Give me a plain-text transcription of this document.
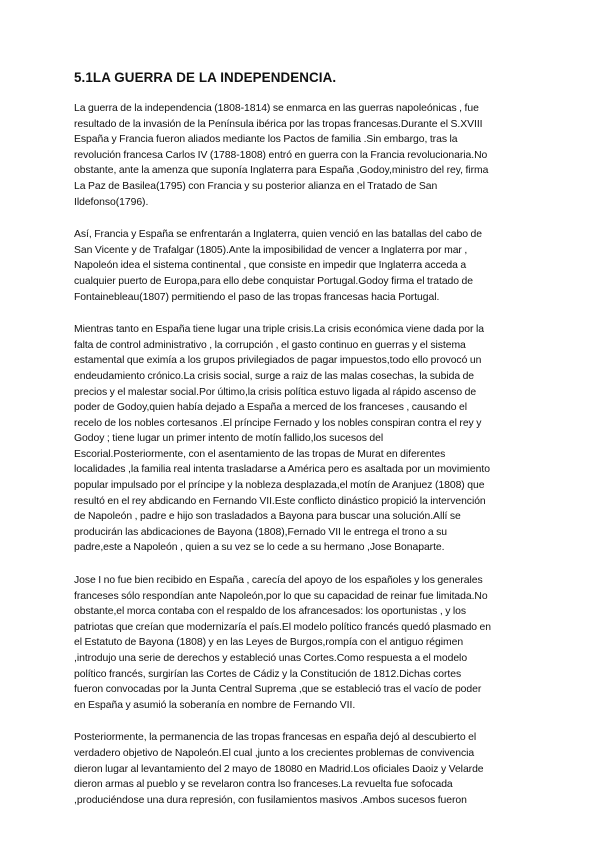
5.1LA GUERRA DE LA INDEPENDENCIA.
La guerra de la independencia (1808-1814) se enmarca en las guerras napoleónicas , fue
resultado de la invasión de la Península ibérica por las tropas francesas.Durante el S.XVIII
España y Francia fueron aliados mediante los Pactos de familia .Sin embargo, tras la
revolución francesa Carlos IV (1788-1808) entró en guerra con la Francia revolucionaria.No
obstante, ante la amenza que suponía Inglaterra para España ,Godoy,ministro del rey, firma
La Paz de Basilea(1795) con Francia y su posterior alianza en el Tratado de San
Ildefonso(1796).
Así, Francia y España se enfrentarán a Inglaterra, quien venció en las batallas del cabo de
San Vicente y de Trafalgar (1805).Ante la imposibilidad de vencer a Inglaterra por mar ,
Napoleón idea el sistema continental , que consiste en impedir que Inglaterra acceda a
cualquier puerto de Europa,para ello debe conquistar Portugal.Godoy firma el tratado de
Fontainebleau(1807) permitiendo el paso de las tropas francesas hacia Portugal.
Mientras tanto en España tiene lugar una triple crisis.La crisis económica viene dada por la
falta de control administrativo , la corrupción , el gasto continuo en guerras y el sistema
estamental que eximía a los grupos privilegiados de pagar impuestos,todo ello provocó un
endeudamiento crónico.La crisis social, surge a raiz de las malas cosechas, la subida de
precios y el malestar social.Por último,la crisis política estuvo ligada al rápido ascenso de
poder de Godoy,quien había dejado a España a merced de los franceses , causando el
recelo de los nobles cortesanos .El príncipe Fernado y los nobles conspiran contra el rey y
Godoy ; tiene lugar un primer intento de motín fallido,los sucesos del
Escorial.Posteriormente, con el asentamiento de las tropas de Murat en diferentes
localidades ,la familia real intenta trasladarse a América pero es asaltada por un movimiento
popular impulsado por el príncipe y la nobleza desplazada,el motín de Aranjuez (1808) que
resultó en el rey abdicando en Fernando VII.Este conflicto dinástico propició la intervención
de Napoleón , padre e hijo son trasladados a Bayona para buscar una solución.Allí se
producirán las abdicaciones de Bayona (1808),Fernado VII le entrega el trono a su
padre,este a Napoleón , quien a su vez se lo cede a su hermano ,Jose Bonaparte.
Jose I no fue bien recibido en España , carecía del apoyo de los españoles y los generales
franceses sólo respondían ante Napoleón,por lo que su capacidad de reinar fue limitada.No
obstante,el morca contaba con el respaldo de los afrancesados: los oportunistas , y los
patriotas que creían que modernizaría el país.El modelo político francés quedó plasmado en
el Estatuto de Bayona (1808) y en las Leyes de Burgos,rompía con el antiguo régimen
,introdujo una serie de derechos y estableció unas Cortes.Como respuesta a el modelo
político francés, surgirían las Cortes de Cádiz y la Constitución de 1812.Dichas cortes
fueron convocadas por la Junta Central Suprema ,que se estableció tras el vacío de poder
en España y asumió la soberanía en nombre de Fernando VII.
Posteriormente, la permanencia de las tropas francesas en españa dejó al descubierto el
verdadero objetivo de Napoleón.El cual ,junto a los crecientes problemas de convivencia
dieron lugar al levantamiento del 2 mayo de 18080 en Madrid.Los oficiales Daoiz y Velarde
dieron armas al pueblo y se revelaron contra lso franceses.La revuelta fue sofocada
,produciéndose una dura represión, con fusilamientos masivos .Ambos sucesos fueron
